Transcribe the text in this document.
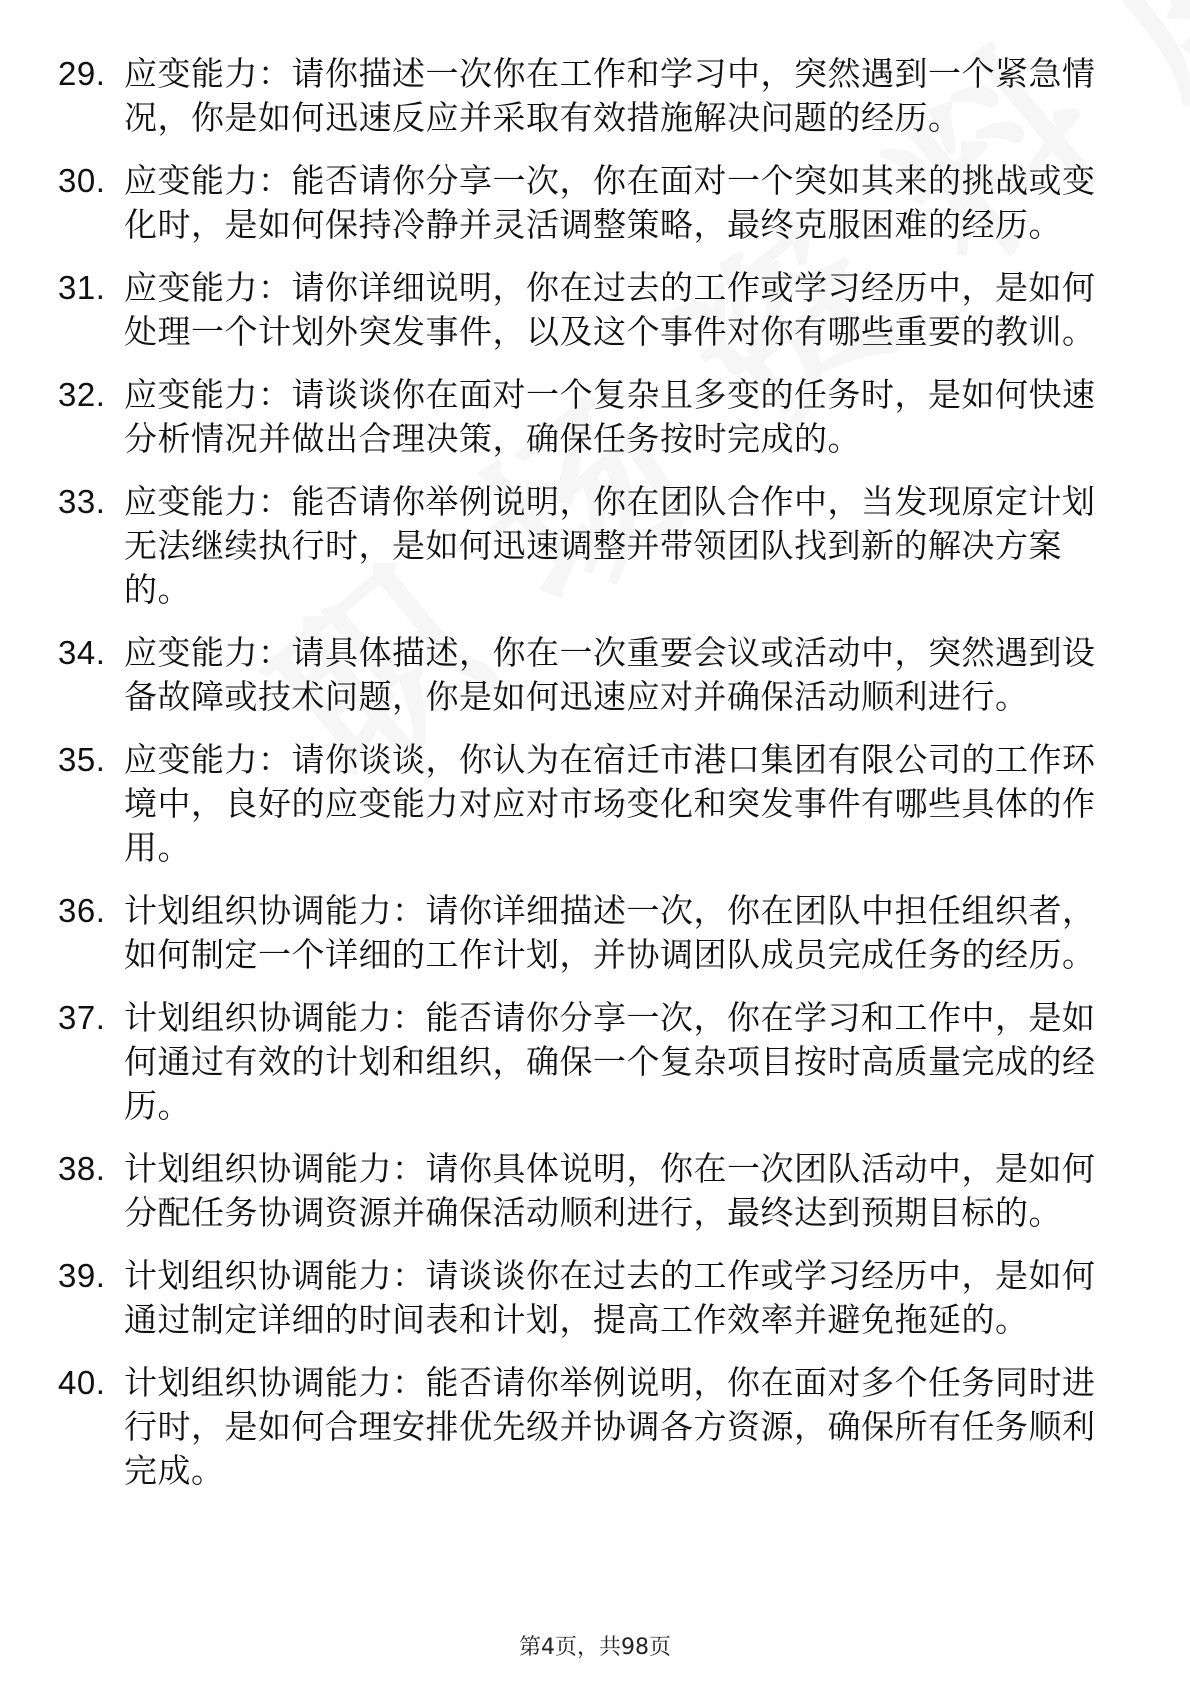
29. 应变能力：请你描述一次你在工作和学习中，突然遇到一个紧急情况，你是如何迅速反应并采取有效措施解决问题的经历。
30. 应变能力：能否请你分享一次，你在面对一个突如其来的挑战或变化时，是如何保持冷静并灵活调整策略，最终克服困难的经历。
31. 应变能力：请你详细说明，你在过去的工作或学习经历中，是如何处理一个计划外突发事件，以及这个事件对你有哪些重要的教训。
32. 应变能力：请谈谈你在面对一个复杂且多变的任务时，是如何快速分析情况并做出合理决策，确保任务按时完成的。
33. 应变能力：能否请你举例说明，你在团队合作中，当发现原定计划无法继续执行时，是如何迅速调整并带领团队找到新的解决方案的。
34. 应变能力：请具体描述，你在一次重要会议或活动中，突然遇到设备故障或技术问题，你是如何迅速应对并确保活动顺利进行。
35. 应变能力：请你谈谈，你认为在宿迁市港口集团有限公司的工作环境中，良好的应变能力对应对市场变化和突发事件有哪些具体的作用。
36. 计划组织协调能力：请你详细描述一次，你在团队中担任组织者，如何制定一个详细的工作计划，并协调团队成员完成任务的经历。
37. 计划组织协调能力：能否请你分享一次，你在学习和工作中，是如何通过有效的计划和组织，确保一个复杂项目按时高质量完成的经历。
38. 计划组织协调能力：请你具体说明，你在一次团队活动中，是如何分配任务协调资源并确保活动顺利进行，最终达到预期目标的。
39. 计划组织协调能力：请谈谈你在过去的工作或学习经历中，是如何通过制定详细的时间表和计划，提高工作效率并避免拖延的。
40. 计划组织协调能力：能否请你举例说明，你在面对多个任务同时进行时，是如何合理安排优先级并协调各方资源，确保所有任务顺利完成。
第4页，共98页
